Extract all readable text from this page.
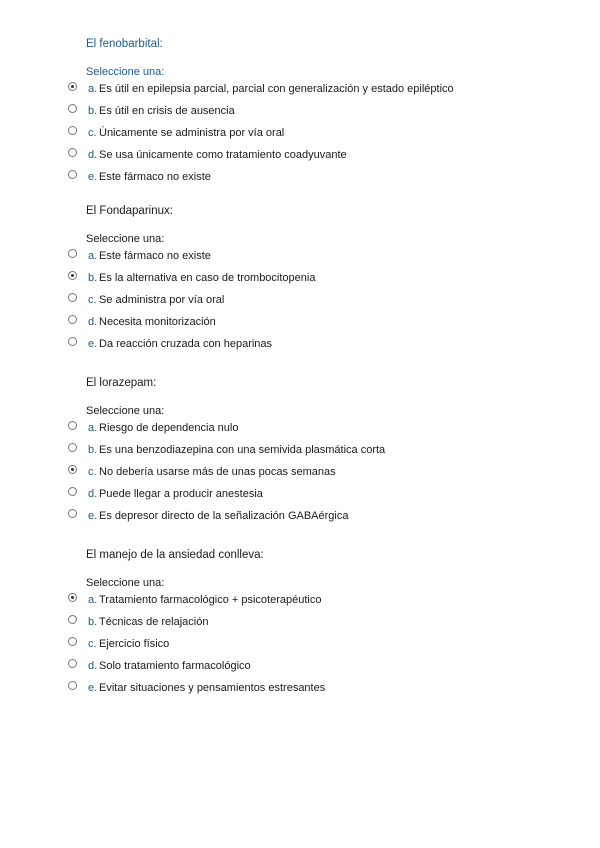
El fenobarbital:
Seleccione una:
a. Es útil en epilepsia parcial, parcial con generalización y estado epiléptico
b. Es útil en crisis de ausencia
c. Únicamente se administra por vía oral
d. Se usa únicamente como tratamiento coadyuvante
e. Este fármaco no existe
El Fondaparinux:
Seleccione una:
a. Este fármaco no existe
b. Es la alternativa en caso de trombocitopenia
c. Se administra por vía oral
d. Necesita monitorización
e. Da reacción cruzada con heparinas
El lorazepam:
Seleccione una:
a. Riesgo de dependencia nulo
b. Es una benzodiazepina con una semivida plasmática corta
c. No debería usarse más de unas pocas semanas
d. Puede llegar a producir anestesia
e. Es depresor directo de la señalización GABAérgica
El manejo de la ansiedad conlleva:
Seleccione una:
a. Tratamiento farmacológico + psicoterapéutico
b. Técnicas de relajación
c. Ejercicio físico
d. Solo tratamiento farmacológico
e. Evitar situaciones y pensamientos estresantes
